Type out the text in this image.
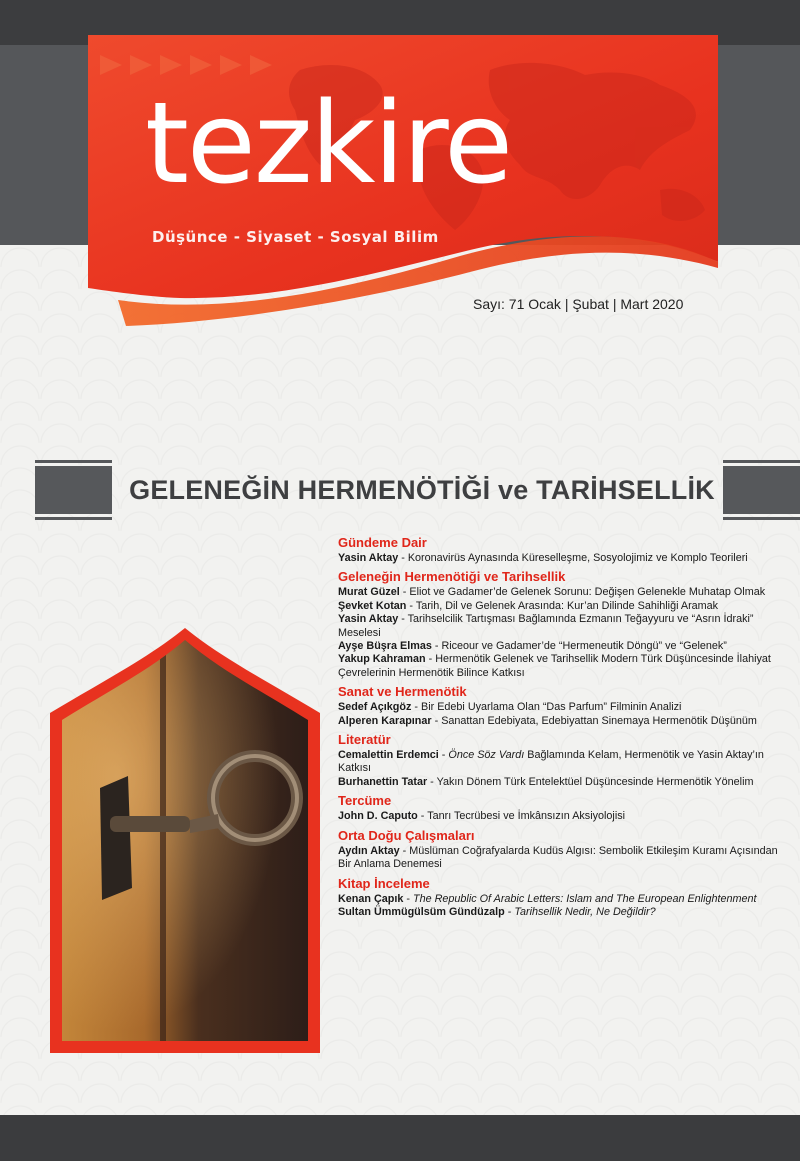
tezkire
Düşünce - Siyaset - Sosyal Bilim
Sayı: 71 Ocak | Şubat | Mart 2020
GELENEĞİN HERMENÖTİĞİ ve TARİHSELLİK
Gündeme Dair
Yasin Aktay - Koronavirüs Aynasında Küreselleşme, Sosyolojimiz ve Komplo Teorileri
Geleneğin Hermenötiği ve Tarihsellik
Murat Güzel - Eliot ve Gadamer’de Gelenek Sorunu: Değişen Gelenekle Muhatap Olmak
Şevket Kotan - Tarih, Dil ve Gelenek Arasında: Kur’an Dilinde Sahihliği Aramak
Yasin Aktay - Tarihselcilik Tartışması Bağlamında Ezmanın Teğayyuru ve “Asrın İdraki” Meselesi
Ayşe Büşra Elmas - Riceour ve Gadamer’de “Hermeneutik Döngü” ve “Gelenek”
Yakup Kahraman - Hermenötik Gelenek ve Tarihsellik Modern Türk Düşüncesinde İlahiyat Çevrelerinin Hermenötik Bilince Katkısı
Sanat ve Hermenötik
Sedef Açıkgöz - Bir Edebi Uyarlama Olan “Das Parfum” Filminin Analizi
Alperen Karapınar - Sanattan Edebiyata, Edebiyattan Sinemaya Hermenötik Düşünüm
Literatür
Cemalettin Erdemci - Önce Söz Vardı Bağlamında Kelam, Hermenötik ve Yasin Aktay’ın Katkısı
Burhanettin Tatar - Yakın Dönem Türk Entelektüel Düşüncesinde Hermenötik Yönelim
Tercüme
John D. Caputo - Tanrı Tecrübesi ve İmkânsızın Aksiyolojisi
Orta Doğu Çalışmaları
Aydın Aktay - Müslüman Coğrafyalarda Kudüs Algısı: Sembolik Etkileşim Kuramı Açısından Bir Anlama Denemesi
Kitap İnceleme
Kenan Çapık - The Republic Of Arabic Letters: Islam and The European Enlightenment
Sultan Ümmügülsüm Gündüzalp - Tarihsellik Nedir, Ne Değildir?
